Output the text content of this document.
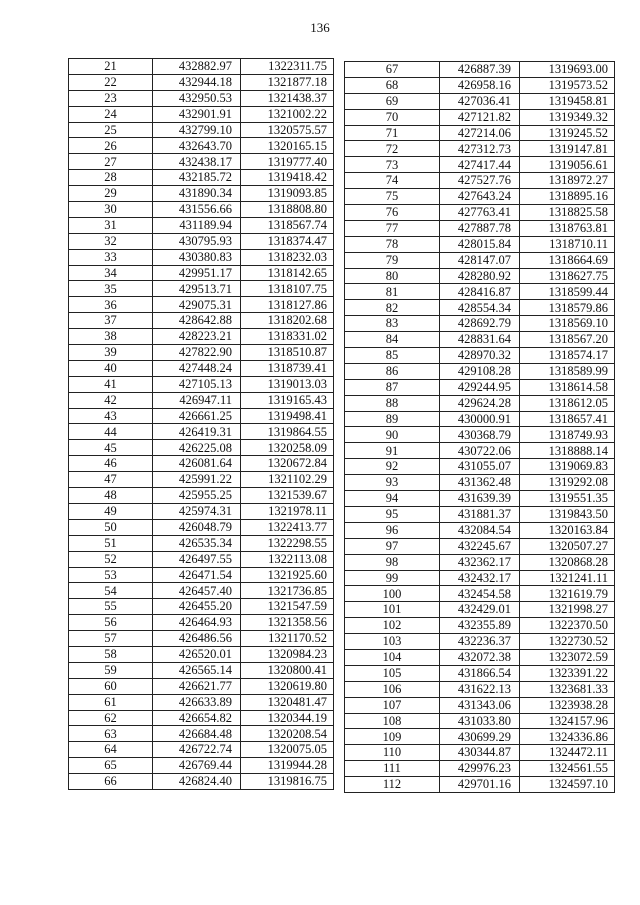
136
21	432882.97	1322311.75
22	432944.18	1321877.18
23	432950.53	1321438.37
24	432901.91	1321002.22
25	432799.10	1320575.57
26	432643.70	1320165.15
27	432438.17	1319777.40
28	432185.72	1319418.42
29	431890.34	1319093.85
30	431556.66	1318808.80
31	431189.94	1318567.74
32	430795.93	1318374.47
33	430380.83	1318232.03
34	429951.17	1318142.65
35	429513.71	1318107.75
36	429075.31	1318127.86
37	428642.88	1318202.68
38	428223.21	1318331.02
39	427822.90	1318510.87
40	427448.24	1318739.41
41	427105.13	1319013.03
42	426947.11	1319165.43
43	426661.25	1319498.41
44	426419.31	1319864.55
45	426225.08	1320258.09
46	426081.64	1320672.84
47	425991.22	1321102.29
48	425955.25	1321539.67
49	425974.31	1321978.11
50	426048.79	1322413.77
51	426535.34	1322298.55
52	426497.55	1322113.08
53	426471.54	1321925.60
54	426457.40	1321736.85
55	426455.20	1321547.59
56	426464.93	1321358.56
57	426486.56	1321170.52
58	426520.01	1320984.23
59	426565.14	1320800.41
60	426621.77	1320619.80
61	426633.89	1320481.47
62	426654.82	1320344.19
63	426684.48	1320208.54
64	426722.74	1320075.05
65	426769.44	1319944.28
66	426824.40	1319816.75
67	426887.39	1319693.00
68	426958.16	1319573.52
69	427036.41	1319458.81
70	427121.82	1319349.32
71	427214.06	1319245.52
72	427312.73	1319147.81
73	427417.44	1319056.61
74	427527.76	1318972.27
75	427643.24	1318895.16
76	427763.41	1318825.58
77	427887.78	1318763.81
78	428015.84	1318710.11
79	428147.07	1318664.69
80	428280.92	1318627.75
81	428416.87	1318599.44
82	428554.34	1318579.86
83	428692.79	1318569.10
84	428831.64	1318567.20
85	428970.32	1318574.17
86	429108.28	1318589.99
87	429244.95	1318614.58
88	429624.28	1318612.05
89	430000.91	1318657.41
90	430368.79	1318749.93
91	430722.06	1318888.14
92	431055.07	1319069.83
93	431362.48	1319292.08
94	431639.39	1319551.35
95	431881.37	1319843.50
96	432084.54	1320163.84
97	432245.67	1320507.27
98	432362.17	1320868.28
99	432432.17	1321241.11
100	432454.58	1321619.79
101	432429.01	1321998.27
102	432355.89	1322370.50
103	432236.37	1322730.52
104	432072.38	1323072.59
105	431866.54	1323391.22
106	431622.13	1323681.33
107	431343.06	1323938.28
108	431033.80	1324157.96
109	430699.29	1324336.86
110	430344.87	1324472.11
111	429976.23	1324561.55
112	429701.16	1324597.10
